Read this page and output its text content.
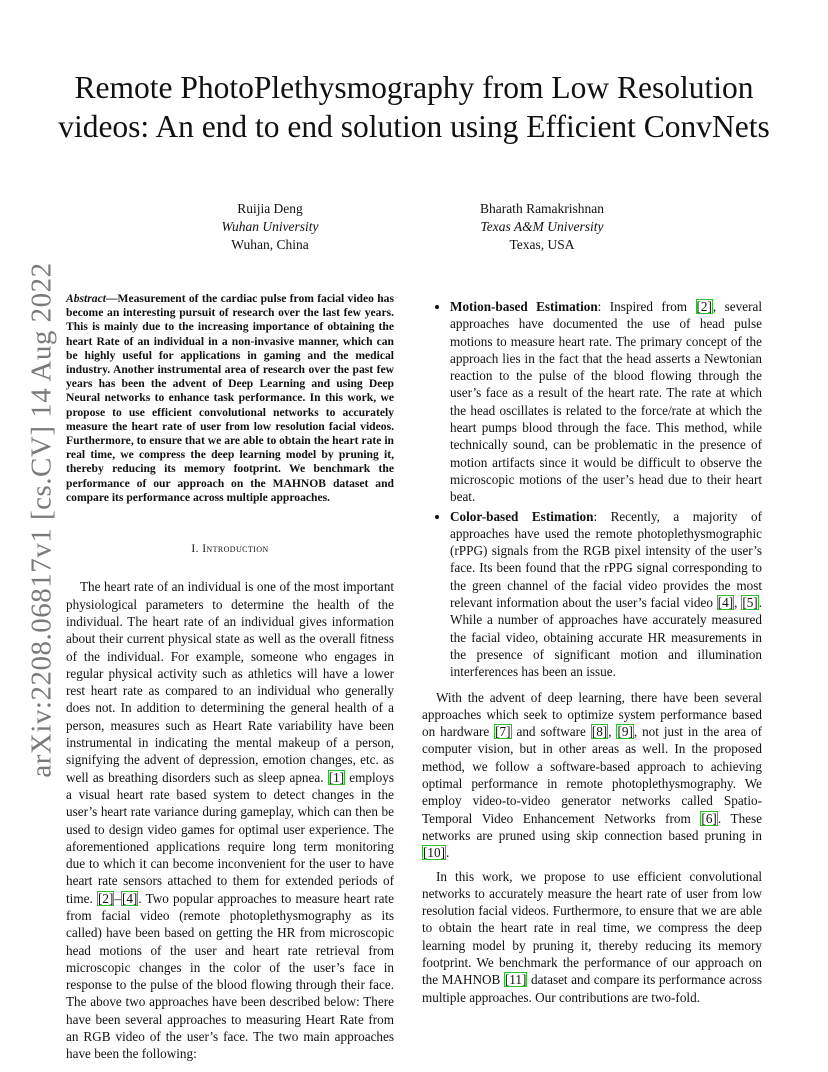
arXiv:2208.06817v1 [cs.CV] 14 Aug 2022
Remote PhotoPlethysmography from Low Resolution videos: An end to end solution using Efficient ConvNets
Ruijia Deng
Wuhan University
Wuhan, China
Bharath Ramakrishnan
Texas A&M University
Texas, USA

Abstract—Measurement of the cardiac pulse from facial video has become an interesting pursuit of research over the last few years. This is mainly due to the increasing importance of obtaining the heart Rate of an individual in a non-invasive manner, which can be highly useful for applications in gaming and the medical industry. Another instrumental area of research over the past few years has been the advent of Deep Learning and using Deep Neural networks to enhance task performance. In this work, we propose to use efficient convolutional networks to accurately measure the heart rate of user from low resolution facial videos. Furthermore, to ensure that we are able to obtain the heart rate in real time, we compress the deep learning model by pruning it, thereby reducing its memory footprint. We benchmark the performance of our approach on the MAHNOB dataset and compare its performance across multiple approaches.

I. Introduction

The heart rate of an individual is one of the most important physiological parameters to determine the health of the individual. The heart rate of an individual gives information about their current physical state as well as the overall fitness of the individual. For example, someone who engages in regular physical activity such as athletics will have a lower rest heart rate as compared to an individual who generally does not. In addition to determining the general health of a person, measures such as Heart Rate variability have been instrumental in indicating the mental makeup of a person, signifying the advent of depression, emotion changes, etc. as well as breathing disorders such as sleep apnea. [1] employs a visual heart rate based system to detect changes in the user’s heart rate variance during gameplay, which can then be used to design video games for optimal user experience. The aforementioned applications require long term monitoring due to which it can become inconvenient for the user to have heart rate sensors attached to them for extended periods of time. [2]–[4]. Two popular approaches to measure heart rate from facial video (remote photoplethysmography as its called) have been based on getting the HR from microscopic head motions of the user and heart rate retrieval from microscopic changes in the color of the user’s face in response to the pulse of the blood flowing through their face. The above two approaches have been described below: There have been several approaches to measuring Heart Rate from an RGB video of the user’s face. The two main approaches have been the following:

• Motion-based Estimation: Inspired from [2], several approaches have documented the use of head pulse motions to measure heart rate. The primary concept of the approach lies in the fact that the head asserts a Newtonian reaction to the pulse of the blood flowing through the user’s face as a result of the heart rate. The rate at which the head oscillates is related to the force/rate at which the heart pumps blood through the face. This method, while technically sound, can be problematic in the presence of motion artifacts since it would be difficult to observe the microscopic motions of the user’s head due to their heart beat.
• Color-based Estimation: Recently, a majority of approaches have used the remote photoplethysmographic (rPPG) signals from the RGB pixel intensity of the user’s face. Its been found that the rPPG signal corresponding to the green channel of the facial video provides the most relevant information about the user’s facial video [4], [5]. While a number of approaches have accurately measured the facial video, obtaining accurate HR measurements in the presence of significant motion and illumination interferences has been an issue.

With the advent of deep learning, there have been several approaches which seek to optimize system performance based on hardware [7] and software [8], [9], not just in the area of computer vision, but in other areas as well. In the proposed method, we follow a software-based approach to achieving optimal performance in remote photoplethysmography. We employ video-to-video generator networks called Spatio-Temporal Video Enhancement Networks from [6]. These networks are pruned using skip connection based pruning in [10].

In this work, we propose to use efficient convolutional networks to accurately measure the heart rate of user from low resolution facial videos. Furthermore, to ensure that we are able to obtain the heart rate in real time, we compress the deep learning model by pruning it, thereby reducing its memory footprint. We benchmark the performance of our approach on the MAHNOB [11] dataset and compare its performance across multiple approaches. Our contributions are two-fold.
